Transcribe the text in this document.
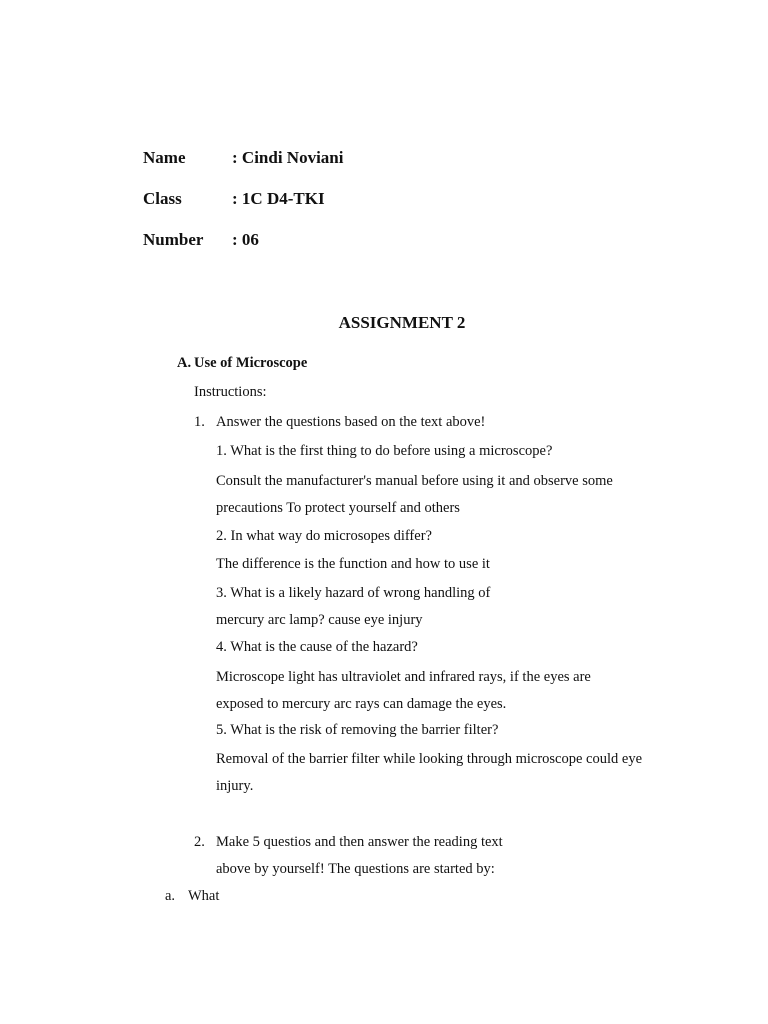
Name	: Cindi Noviani
Class	: 1C D4-TKI
Number : 06
ASSIGNMENT 2
A. Use of Microscope
Instructions:
1. Answer the questions based on the text above!
1. What is the first thing to do before using a microscope?
Consult the manufacturer's manual before using it and observe some
precautions To protect yourself and others
2. In what way do microsopes differ?
The difference is the function and how to use it
3. What is a likely hazard of wrong handling of
mercury arc lamp? cause eye injury
4. What is the cause of the hazard?
Microscope light has ultraviolet and infrared rays, if the eyes are
exposed to mercury arc rays can damage the eyes.
5. What is the risk of removing the barrier filter?
Removal of the barrier filter while looking through microscope could eye
injury.
2. Make 5 questios and then answer the reading text
above by yourself! The questions are started by:
a. What
